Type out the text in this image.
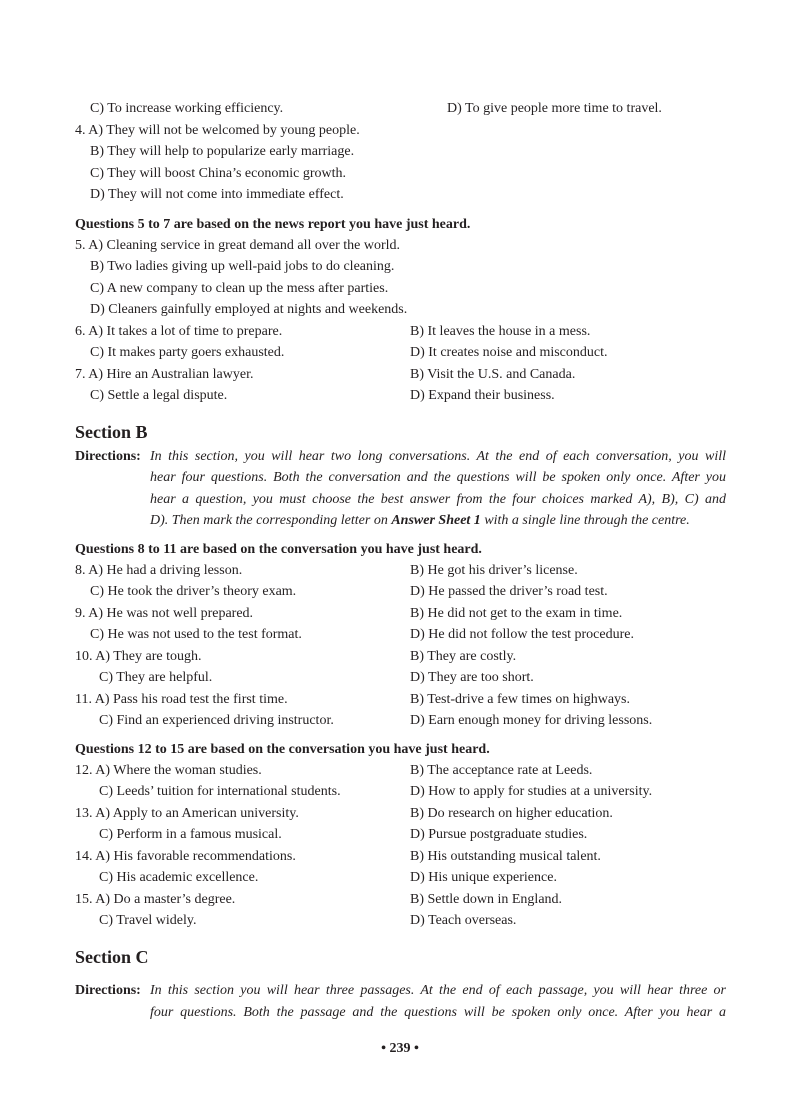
C) To increase working efficiency.	D) To give people more time to travel.
4. A) They will not be welcomed by young people.
B) They will help to popularize early marriage.
C) They will boost China’s economic growth.
D) They will not come into immediate effect.
Questions 5 to 7 are based on the news report you have just heard.
5. A) Cleaning service in great demand all over the world.
B) Two ladies giving up well-paid jobs to do cleaning.
C) A new company to clean up the mess after parties.
D) Cleaners gainfully employed at nights and weekends.
6. A) It takes a lot of time to prepare.	B) It leaves the house in a mess.
C) It makes party goers exhausted.	D) It creates noise and misconduct.
7. A) Hire an Australian lawyer.	B) Visit the U.S. and Canada.
C) Settle a legal dispute.	D) Expand their business.
Section B
Directions: In this section, you will hear two long conversations. At the end of each conversation, you will
hear four questions. Both the conversation and the questions will be spoken only once. After you
hear a question, you must choose the best answer from the four choices marked A), B), C) and
D). Then mark the corresponding letter on Answer Sheet 1 with a single line through the centre.
Questions 8 to 11 are based on the conversation you have just heard.
8. A) He had a driving lesson.	B) He got his driver’s license.
C) He took the driver’s theory exam.	D) He passed the driver’s road test.
9. A) He was not well prepared.	B) He did not get to the exam in time.
C) He was not used to the test format.	D) He did not follow the test procedure.
10. A) They are tough.	B) They are costly.
C) They are helpful.	D) They are too short.
11. A) Pass his road test the first time.	B) Test-drive a few times on highways.
C) Find an experienced driving instructor.	D) Earn enough money for driving lessons.
Questions 12 to 15 are based on the conversation you have just heard.
12. A) Where the woman studies.	B) The acceptance rate at Leeds.
C) Leeds’ tuition for international students.	D) How to apply for studies at a university.
13. A) Apply to an American university.	B) Do research on higher education.
C) Perform in a famous musical.	D) Pursue postgraduate studies.
14. A) His favorable recommendations.	B) His outstanding musical talent.
C) His academic excellence.	D) His unique experience.
15. A) Do a master’s degree.	B) Settle down in England.
C) Travel widely.	D) Teach overseas.
Section C
Directions: In this section you will hear three passages. At the end of each passage, you will hear three or
four questions. Both the passage and the questions will be spoken only once. After you hear a
• 239 •
